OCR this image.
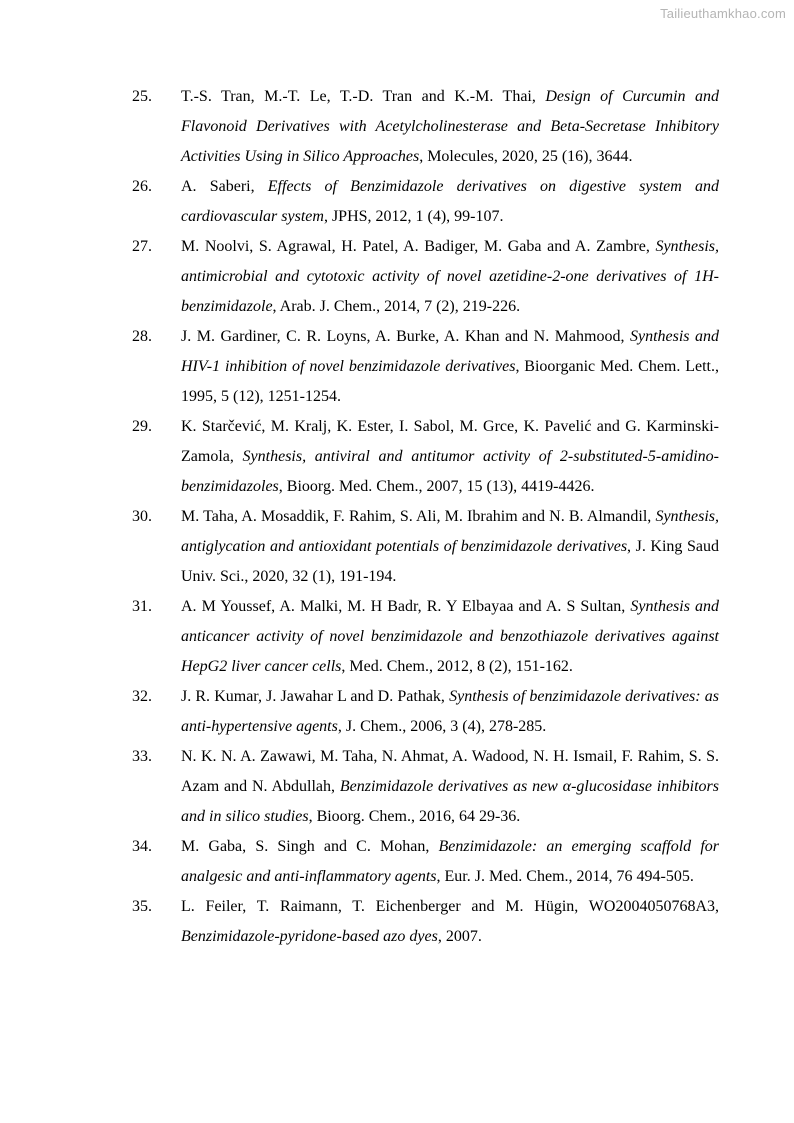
Tailieuthamkhao.com
25. T.-S. Tran, M.-T. Le, T.-D. Tran and K.-M. Thai, Design of Curcumin and Flavonoid Derivatives with Acetylcholinesterase and Beta-Secretase Inhibitory Activities Using in Silico Approaches, Molecules, 2020, 25 (16), 3644.
26. A. Saberi, Effects of Benzimidazole derivatives on digestive system and cardiovascular system, JPHS, 2012, 1 (4), 99-107.
27. M. Noolvi, S. Agrawal, H. Patel, A. Badiger, M. Gaba and A. Zambre, Synthesis, antimicrobial and cytotoxic activity of novel azetidine-2-one derivatives of 1H-benzimidazole, Arab. J. Chem., 2014, 7 (2), 219-226.
28. J. M. Gardiner, C. R. Loyns, A. Burke, A. Khan and N. Mahmood, Synthesis and HIV-1 inhibition of novel benzimidazole derivatives, Bioorganic Med. Chem. Lett., 1995, 5 (12), 1251-1254.
29. K. Starčević, M. Kralj, K. Ester, I. Sabol, M. Grce, K. Pavelić and G. Karminski-Zamola, Synthesis, antiviral and antitumor activity of 2-substituted-5-amidino-benzimidazoles, Bioorg. Med. Chem., 2007, 15 (13), 4419-4426.
30. M. Taha, A. Mosaddik, F. Rahim, S. Ali, M. Ibrahim and N. B. Almandil, Synthesis, antiglycation and antioxidant potentials of benzimidazole derivatives, J. King Saud Univ. Sci., 2020, 32 (1), 191-194.
31. A. M Youssef, A. Malki, M. H Badr, R. Y Elbayaa and A. S Sultan, Synthesis and anticancer activity of novel benzimidazole and benzothiazole derivatives against HepG2 liver cancer cells, Med. Chem., 2012, 8 (2), 151-162.
32. J. R. Kumar, J. Jawahar L and D. Pathak, Synthesis of benzimidazole derivatives: as anti-hypertensive agents, J. Chem., 2006, 3 (4), 278-285.
33. N. K. N. A. Zawawi, M. Taha, N. Ahmat, A. Wadood, N. H. Ismail, F. Rahim, S. S. Azam and N. Abdullah, Benzimidazole derivatives as new α-glucosidase inhibitors and in silico studies, Bioorg. Chem., 2016, 64 29-36.
34. M. Gaba, S. Singh and C. Mohan, Benzimidazole: an emerging scaffold for analgesic and anti-inflammatory agents, Eur. J. Med. Chem., 2014, 76 494-505.
35. L. Feiler, T. Raimann, T. Eichenberger and M. Hügin, WO2004050768A3, Benzimidazole-pyridone-based azo dyes, 2007.
